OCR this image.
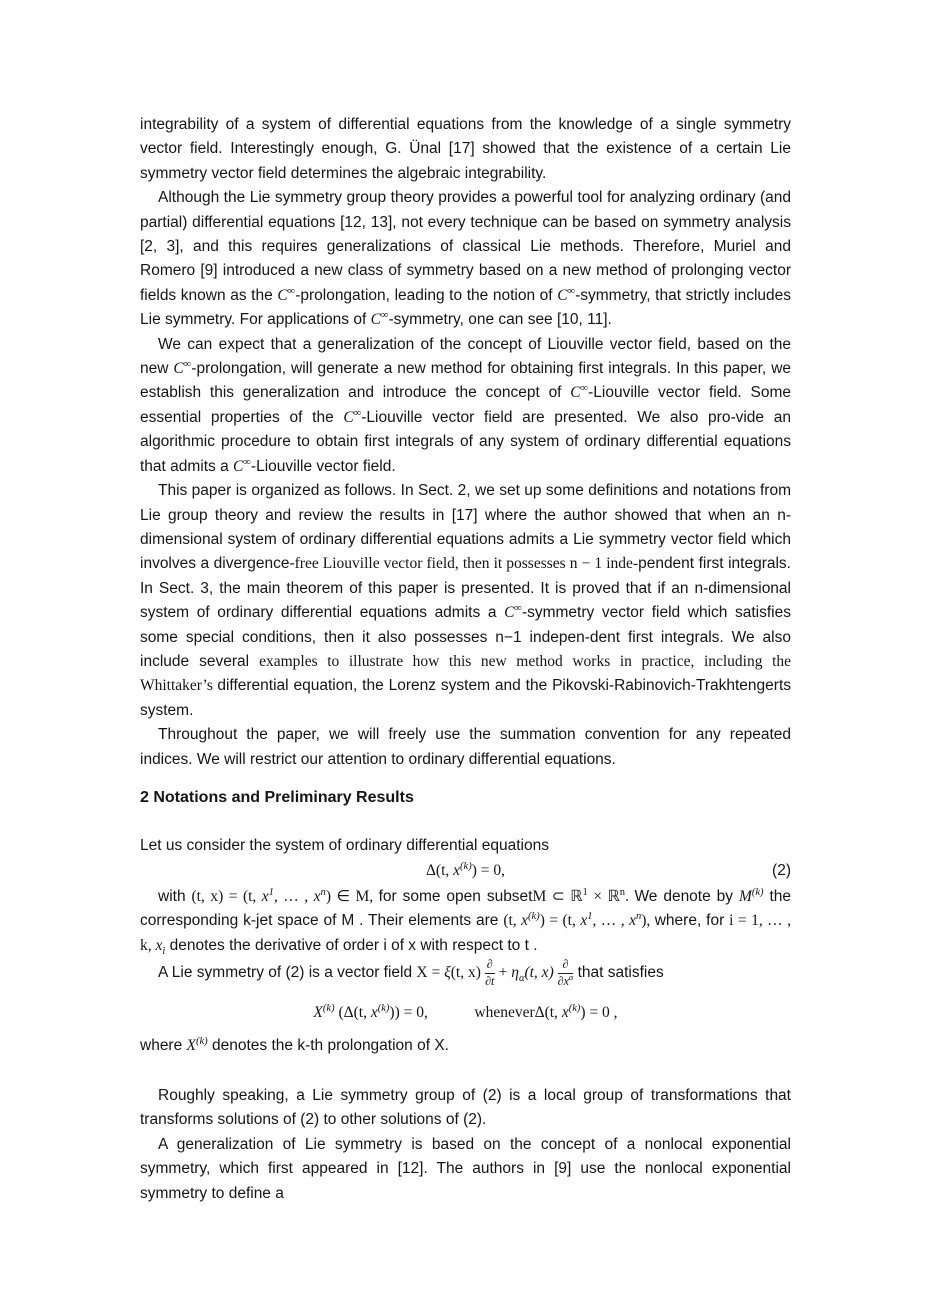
integrability of a system of differential equations from the knowledge of a single symmetry vector field. Interestingly enough, G. Ünal [17] showed that the existence of a certain Lie symmetry vector field determines the algebraic integrability.

Although the Lie symmetry group theory provides a powerful tool for analyzing ordinary (and partial) differential equations [12, 13], not every technique can be based on symmetry analysis [2, 3], and this requires generalizations of classical Lie methods. Therefore, Muriel and Romero [9] introduced a new class of symmetry based on a new method of prolonging vector fields known as the C∞-prolongation, leading to the notion of C∞-symmetry, that strictly includes Lie symmetry. For applications of C∞-symmetry, one can see [10, 11].

We can expect that a generalization of the concept of Liouville vector field, based on the new C∞-prolongation, will generate a new method for obtaining first integrals. In this paper, we establish this generalization and introduce the concept of C∞-Liouville vector field. Some essential properties of the C∞-Liouville vector field are presented. We also pro-vide an algorithmic procedure to obtain first integrals of any system of ordinary differential equations that admits a C∞-Liouville vector field.

This paper is organized as follows. In Sect. 2, we set up some definitions and notations from Lie group theory and review the results in [17] where the author showed that when an n-dimensional system of ordinary differential equations admits a Lie symmetry vector field which involves a divergence-free Liouville vector field, then it possesses n − 1 inde-pendent first integrals. In Sect. 3, the main theorem of this paper is presented. It is proved that if an n-dimensional system of ordinary differential equations admits a C∞-symmetry vector field which satisfies some special conditions, then it also possesses n−1 indepen-dent first integrals. We also include several examples to illustrate how this new method works in practice, including the Whittaker’s differential equation, the Lorenz system and the Pikovski-Rabinovich-Trakhtengerts system.

Throughout the paper, we will freely use the summation convention for any repeated indices. We will restrict our attention to ordinary differential equations.

2 Notations and Preliminary Results

Let us consider the system of ordinary differential equations

Δ(t, $x^{(k)}) = 0$,	(2)

with (t, x) = (t, $x^1$, … , $x^n$) ∈ M, for some open subsetM ⊂ ℝ$^1$ × ℝ$^n$. We denote by $M^{(k)}$ the corresponding k-jet space of M . Their elements are (t, $x^{(k)}) = (t$, $x^1$, … , $x^n$), where, for i = 1, … , k, $x_i$ denotes the derivative of order i of x with respect to t .

A Lie symmetry of (2) is a vector field X = ξ(t, $x) \frac{\partial}{\partial t} + \eta_\alpha(t$, $x) \frac{\partial}{\partial x^\alpha}$ that satisfies

$X^{(k)}$ (Δ(t, $x^{(k)})) = 0$,   	wheneverΔ(t, $x^{(k)}) = 0$ ,

where $X^{(k)}$ denotes the k-th prolongation of X.

Roughly speaking, a Lie symmetry group of (2) is a local group of transformations that transforms solutions of (2) to other solutions of (2).

A generalization of Lie symmetry is based on the concept of a nonlocal exponential symmetry, which first appeared in [12]. The authors in [9] use the nonlocal exponential symmetry to define a
